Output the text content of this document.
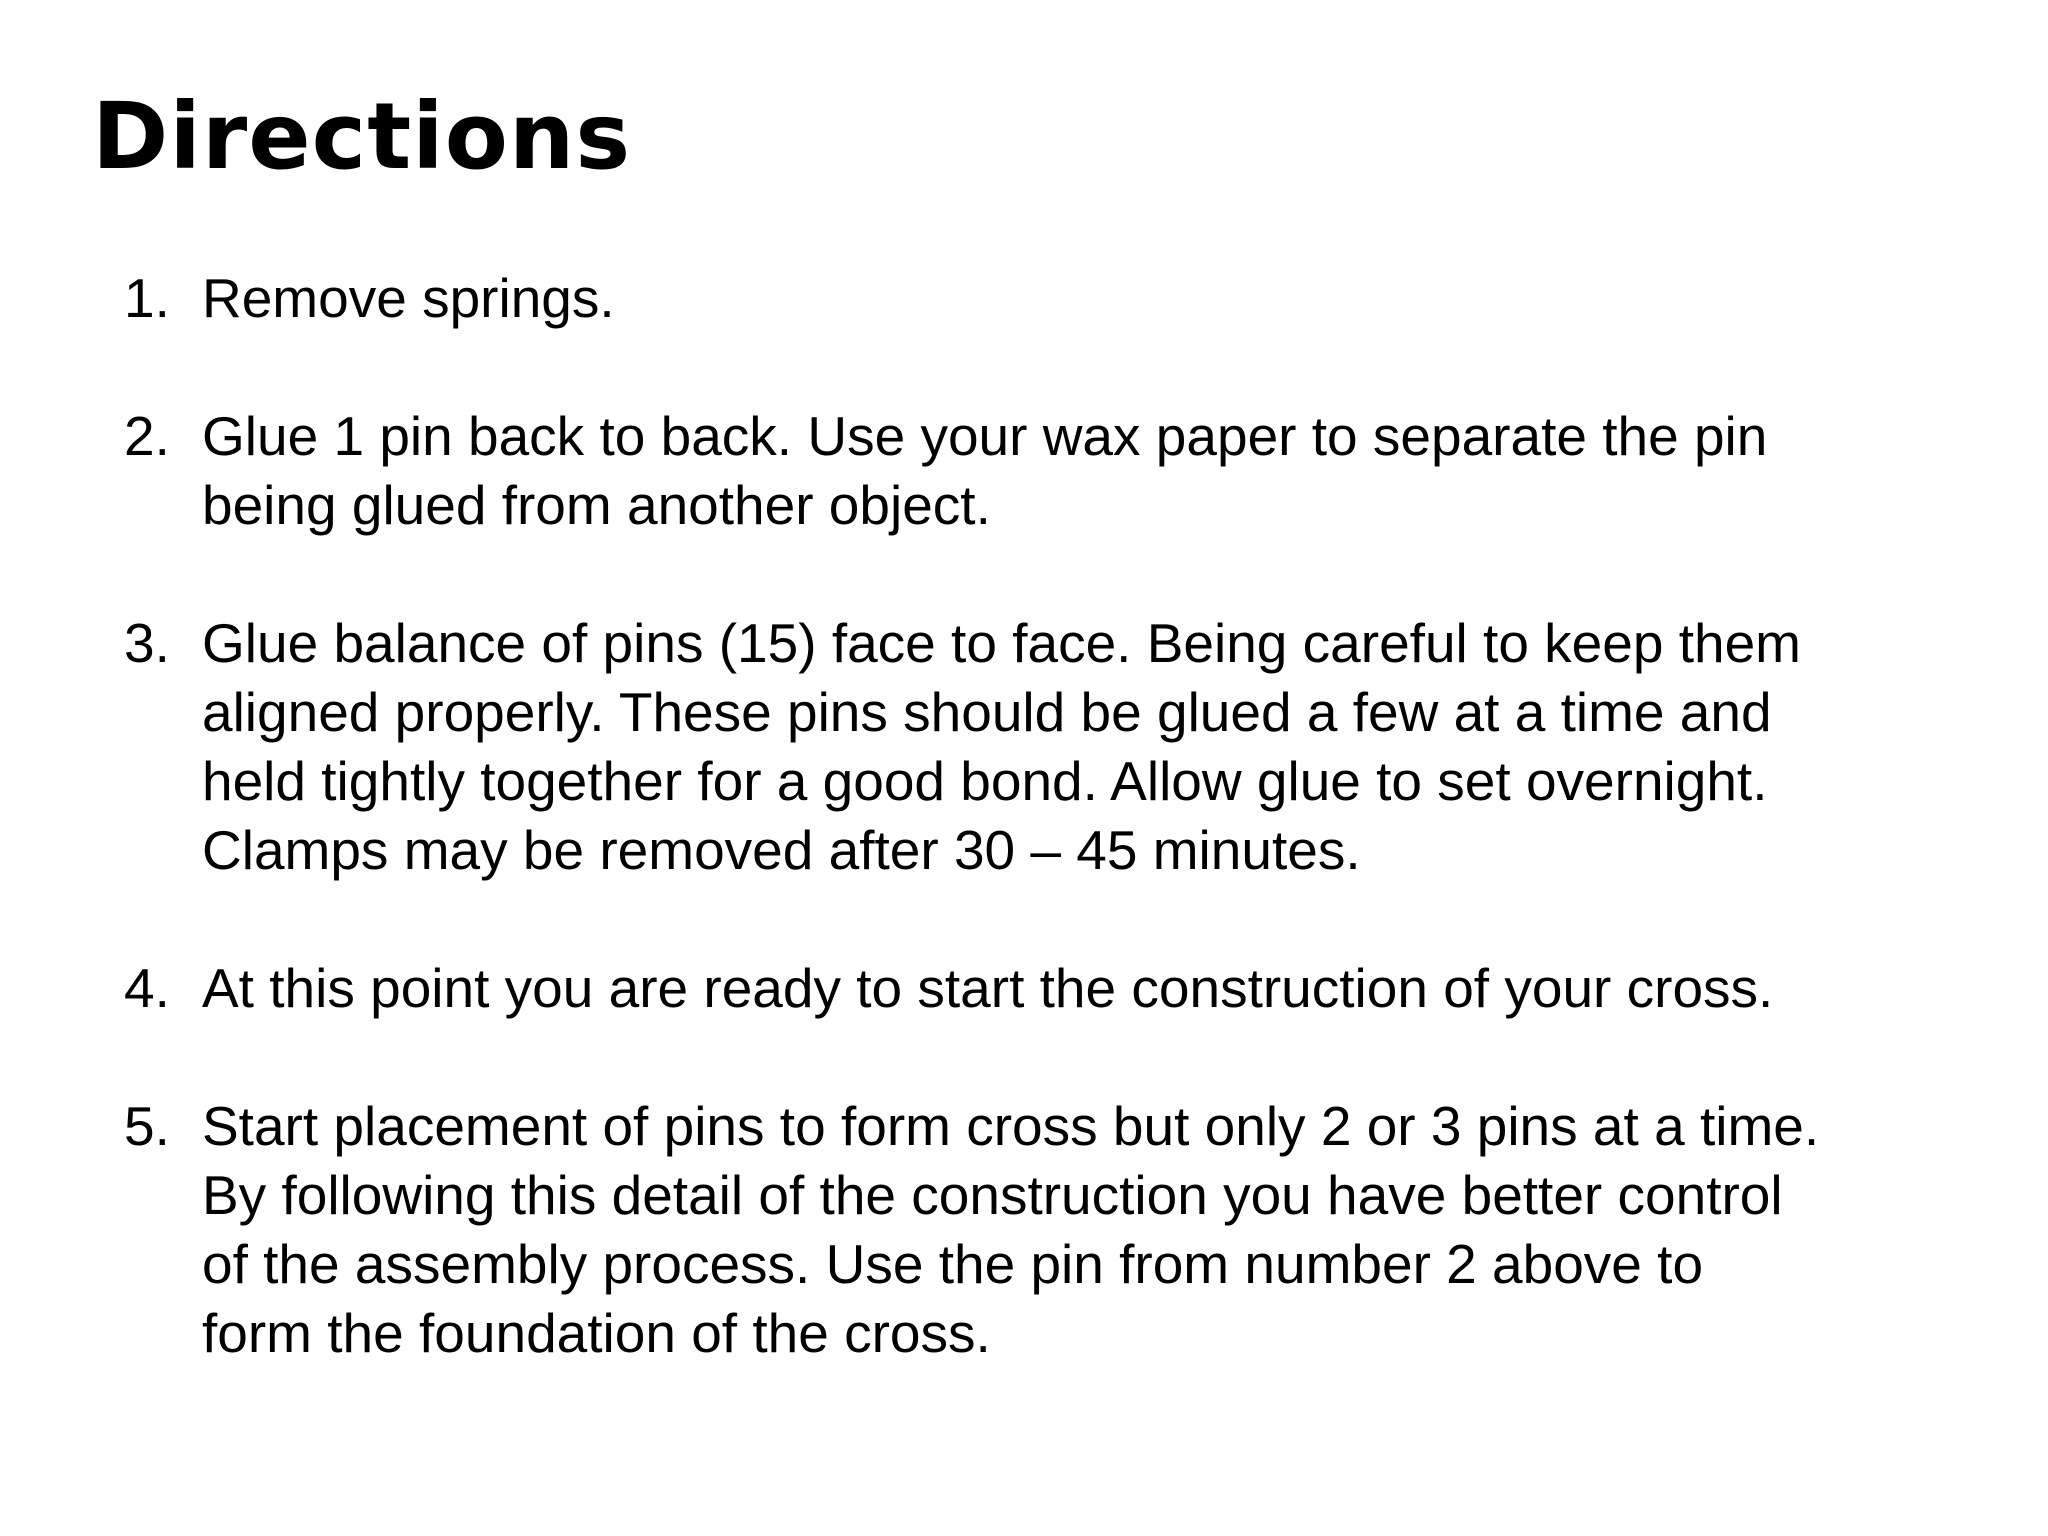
Directions
1. Remove springs.
2. Glue 1 pin back to back. Use your wax paper to separate the pin
being glued from another object.
3. Glue balance of pins (15) face to face. Being careful to keep them
aligned properly. These pins should be glued a few at a time and
held tightly together for a good bond. Allow glue to set overnight.
Clamps may be removed after 30 – 45 minutes.
4. At this point you are ready to start the construction of your cross.
5. Start placement of pins to form cross but only 2 or 3 pins at a time.
By following this detail of the construction you have better control
of the assembly process. Use the pin from number 2 above to
form the foundation of the cross.
